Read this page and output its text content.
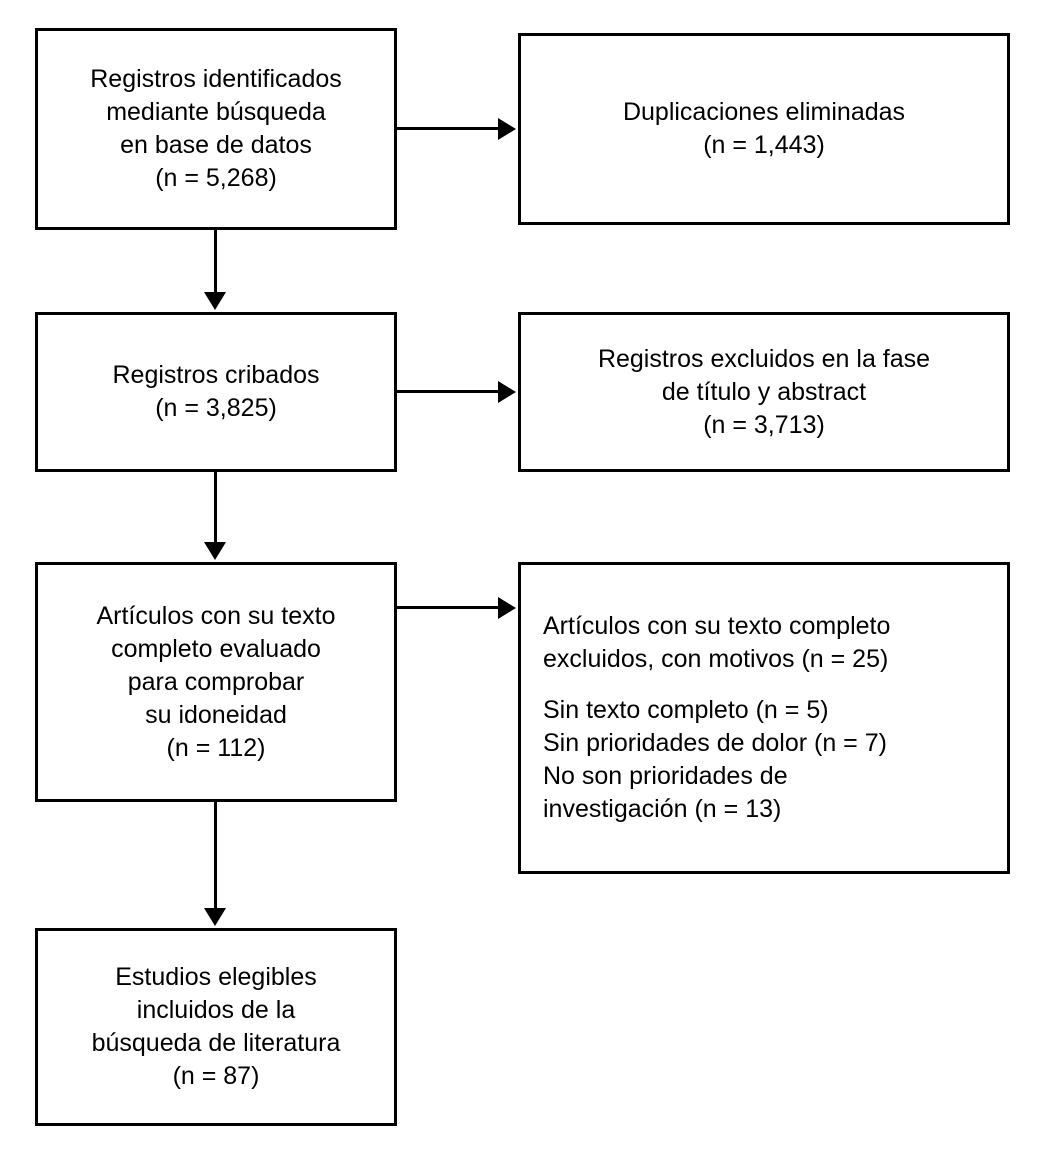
Registros identificados
mediante búsqueda
en base de datos
(n = 5,268)
Duplicaciones eliminadas
(n = 1,443)
Registros cribados
(n = 3,825)
Registros excluidos en la fase
de título y abstract
(n = 3,713)
Artículos con su texto
completo evaluado
para comprobar
su idoneidad
(n = 112)
Artículos con su texto completo
excluidos, con motivos (n = 25)
Sin texto completo (n = 5)
Sin prioridades de dolor (n = 7)
No son prioridades de
investigación (n = 13)
Estudios elegibles
incluidos de la
búsqueda de literatura
(n = 87)
